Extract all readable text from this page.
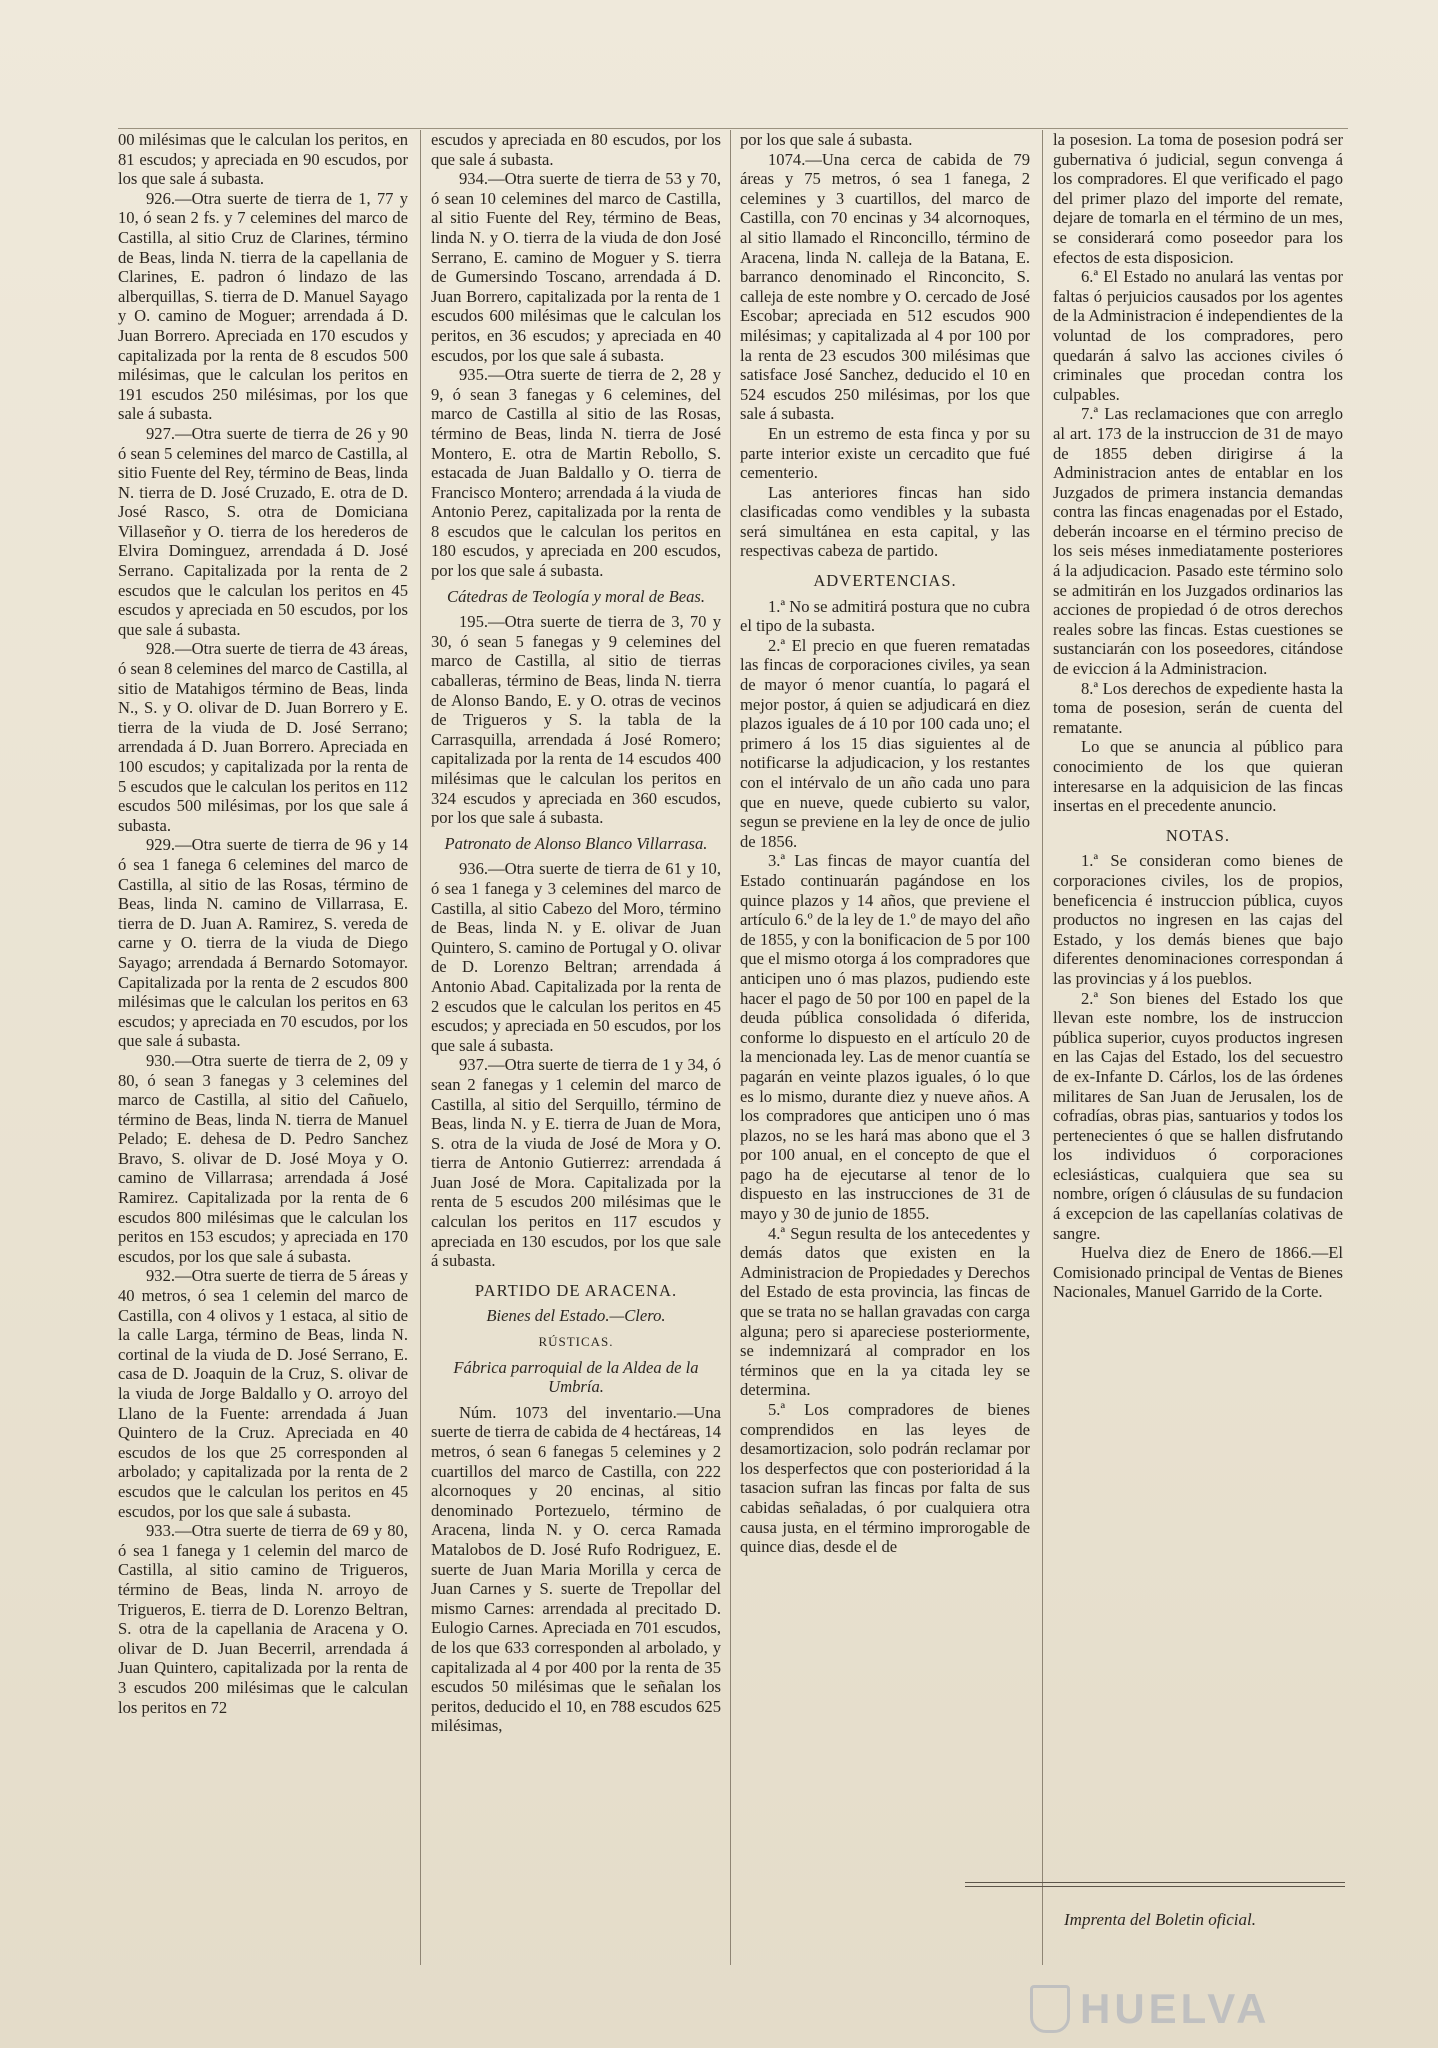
00 milésimas que le calculan los peritos, en 81 escudos; y apreciada en 90 escudos, por los que sale á subasta.

926.—Otra suerte de tierra de 1, 77 y 10, ó sean 2 fs. y 7 celemines del marco de Castilla, al sitio Cruz de Clarines, término de Beas, linda N. tierra de la capellania de Clarines, E. padron ó lindazo de las alberquillas, S. tierra de D. Manuel Sayago y O. camino de Moguer; arrendada á D. Juan Borrero. Apreciada en 170 escudos y capitalizada por la renta de 8 escudos 500 milésimas, que le calculan los peritos en 191 escudos 250 milésimas, por los que sale á subasta.

927.—Otra suerte de tierra de 26 y 90 ó sean 5 celemines del marco de Castilla, al sitio Fuente del Rey, término de Beas, linda N. tierra de D. José Cruzado, E. otra de D. José Rasco, S. otra de Domiciana Villaseñor y O. tierra de los herederos de Elvira Dominguez, arrendada á D. José Serrano. Capitalizada por la renta de 2 escudos que le calculan los peritos en 45 escudos y apreciada en 50 escudos, por los que sale á subasta.

928.—Otra suerte de tierra de 43 áreas, ó sean 8 celemines del marco de Castilla, al sitio de Matahigos término de Beas, linda N., S. y O. olivar de D. Juan Borrero y E. tierra de la viuda de D. José Serrano; arrendada á D. Juan Borrero. Apreciada en 100 escudos; y capitalizada por la renta de 5 escudos que le calculan los peritos en 112 escudos 500 milésimas, por los que sale á subasta.

929.—Otra suerte de tierra de 96 y 14 ó sea 1 fanega 6 celemines del marco de Castilla, al sitio de las Rosas, término de Beas, linda N. camino de Villarrasa, E. tierra de D. Juan A. Ramirez, S. vereda de carne y O. tierra de la viuda de Diego Sayago; arrendada á Bernardo Sotomayor. Capitalizada por la renta de 2 escudos 800 milésimas que le calculan los peritos en 63 escudos; y apreciada en 70 escudos, por los que sale á subasta.

930.—Otra suerte de tierra de 2, 09 y 80, ó sean 3 fanegas y 3 celemines del marco de Castilla, al sitio del Cañuelo, término de Beas, linda N. tierra de Manuel Pelado; E. dehesa de D. Pedro Sanchez Bravo, S. olivar de D. José Moya y O. camino de Villarrasa; arrendada á José Ramirez. Capitalizada por la renta de 6 escudos 800 milésimas que le calculan los peritos en 153 escudos; y apreciada en 170 escudos, por los que sale á subasta.

932.—Otra suerte de tierra de 5 áreas y 40 metros, ó sea 1 celemin del marco de Castilla, con 4 olivos y 1 estaca, al sitio de la calle Larga, término de Beas, linda N. cortinal de la viuda de D. José Serrano, E. casa de D. Joaquin de la Cruz, S. olivar de la viuda de Jorge Baldallo y O. arroyo del Llano de la Fuente: arrendada á Juan Quintero de la Cruz. Apreciada en 40 escudos de los que 25 corresponden al arbolado; y capitalizada por la renta de 2 escudos que le calculan los peritos en 45 escudos, por los que sale á subasta.

933.—Otra suerte de tierra de 69 y 80, ó sea 1 fanega y 1 celemin del marco de Castilla, al sitio camino de Trigueros, término de Beas, linda N. arroyo de Trigueros, E. tierra de D. Lorenzo Beltran, S. otra de la capellania de Aracena y O. olivar de D. Juan Becerril, arrendada á Juan Quintero, capitalizada por la renta de 3 escudos 200 milésimas que le calculan los peritos en 72

escudos y apreciada en 80 escudos, por los que sale á subasta.

934.—Otra suerte de tierra de 53 y 70, ó sean 10 celemines del marco de Castilla, al sitio Fuente del Rey, término de Beas, linda N. y O. tierra de la viuda de don José Serrano, E. camino de Moguer y S. tierra de Gumersindo Toscano, arrendada á D. Juan Borrero, capitalizada por la renta de 1 escudos 600 milésimas que le calculan los peritos, en 36 escudos; y apreciada en 40 escudos, por los que sale á subasta.

935.—Otra suerte de tierra de 2, 28 y 9, ó sean 3 fanegas y 6 celemines, del marco de Castilla al sitio de las Rosas, término de Beas, linda N. tierra de José Montero, E. otra de Martin Rebollo, S. estacada de Juan Baldallo y O. tierra de Francisco Montero; arrendada á la viuda de Antonio Perez, capitalizada por la renta de 8 escudos que le calculan los peritos en 180 escudos, y apreciada en 200 escudos, por los que sale á subasta.

Cátedras de Teología y moral de Beas.

195.—Otra suerte de tierra de 3, 70 y 30, ó sean 5 fanegas y 9 celemines del marco de Castilla, al sitio de tierras caballeras, término de Beas, linda N. tierra de Alonso Bando, E. y O. otras de vecinos de Trigueros y S. la tabla de la Carrasquilla, arrendada á José Romero; capitalizada por la renta de 14 escudos 400 milésimas que le calculan los peritos en 324 escudos y apreciada en 360 escudos, por los que sale á subasta.

Patronato de Alonso Blanco Villarrasa.

936.—Otra suerte de tierra de 61 y 10, ó sea 1 fanega y 3 celemines del marco de Castilla, al sitio Cabezo del Moro, término de Beas, linda N. y E. olivar de Juan Quintero, S. camino de Portugal y O. olivar de D. Lorenzo Beltran; arrendada á Antonio Abad. Capitalizada por la renta de 2 escudos que le calculan los peritos en 45 escudos; y apreciada en 50 escudos, por los que sale á subasta.

937.—Otra suerte de tierra de 1 y 34, ó sean 2 fanegas y 1 celemin del marco de Castilla, al sitio del Serquillo, término de Beas, linda N. y E. tierra de Juan de Mora, S. otra de la viuda de José de Mora y O. tierra de Antonio Gutierrez: arrendada á Juan José de Mora. Capitalizada por la renta de 5 escudos 200 milésimas que le calculan los peritos en 117 escudos y apreciada en 130 escudos, por los que sale á subasta.

PARTIDO DE ARACENA.

Bienes del Estado.—Clero.

RÚSTICAS.

Fábrica parroquial de la Aldea de la Umbría.

Núm. 1073 del inventario.—Una suerte de tierra de cabida de 4 hectáreas, 14 metros, ó sean 6 fanegas 5 celemines y 2 cuartillos del marco de Castilla, con 222 alcornoques y 20 encinas, al sitio denominado Portezuelo, término de Aracena, linda N. y O. cerca Ramada Matalobos de D. José Rufo Rodriguez, E. suerte de Juan Maria Morilla y cerca de Juan Carnes y S. suerte de Trepollar del mismo Carnes: arrendada al precitado D. Eulogio Carnes. Apreciada en 701 escudos, de los que 633 corresponden al arbolado, y capitalizada al 4 por 400 por la renta de 35 escudos 50 milésimas que le señalan los peritos, deducido el 10, en 788 escudos 625 milésimas,

por los que sale á subasta.

1074.—Una cerca de cabida de 79 áreas y 75 metros, ó sea 1 fanega, 2 celemines y 3 cuartillos, del marco de Castilla, con 70 encinas y 34 alcornoques, al sitio llamado el Rinconcillo, término de Aracena, linda N. calleja de la Batana, E. barranco denominado el Rinconcito, S. calleja de este nombre y O. cercado de José Escobar; apreciada en 512 escudos 900 milésimas; y capitalizada al 4 por 100 por la renta de 23 escudos 300 milésimas que satisface José Sanchez, deducido el 10 en 524 escudos 250 milésimas, por los que sale á subasta.

En un estremo de esta finca y por su parte interior existe un cercadito que fué cementerio.

Las anteriores fincas han sido clasificadas como vendibles y la subasta será simultánea en esta capital, y las respectivas cabeza de partido.

ADVERTENCIAS.

1.ª No se admitirá postura que no cubra el tipo de la subasta.

2.ª El precio en que fueren rematadas las fincas de corporaciones civiles, ya sean de mayor ó menor cuantía, lo pagará el mejor postor, á quien se adjudicará en diez plazos iguales de á 10 por 100 cada uno; el primero á los 15 dias siguientes al de notificarse la adjudicacion, y los restantes con el intérvalo de un año cada uno para que en nueve, quede cubierto su valor, segun se previene en la ley de once de julio de 1856.

3.ª Las fincas de mayor cuantía del Estado continuarán pagándose en los quince plazos y 14 años, que previene el artículo 6.º de la ley de 1.º de mayo del año de 1855, y con la bonificacion de 5 por 100 que el mismo otorga á los compradores que anticipen uno ó mas plazos, pudiendo este hacer el pago de 50 por 100 en papel de la deuda pública consolidada ó diferida, conforme lo dispuesto en el artículo 20 de la mencionada ley. Las de menor cuantía se pagarán en veinte plazos iguales, ó lo que es lo mismo, durante diez y nueve años. A los compradores que anticipen uno ó mas plazos, no se les hará mas abono que el 3 por 100 anual, en el concepto de que el pago ha de ejecutarse al tenor de lo dispuesto en las instrucciones de 31 de mayo y 30 de junio de 1855.

4.ª Segun resulta de los antecedentes y demás datos que existen en la Administracion de Propiedades y Derechos del Estado de esta provincia, las fincas de que se trata no se hallan gravadas con carga alguna; pero si apareciese posteriormente, se indemnizará al comprador en los términos que en la ya citada ley se determina.

5.ª Los compradores de bienes comprendidos en las leyes de desamortizacion, solo podrán reclamar por los desperfectos que con posterioridad á la tasacion sufran las fincas por falta de sus cabidas señaladas, ó por cualquiera otra causa justa, en el término improrogable de quince dias, desde el de

la posesion. La toma de posesion podrá ser gubernativa ó judicial, segun convenga á los compradores. El que verificado el pago del primer plazo del importe del remate, dejare de tomarla en el término de un mes, se considerará como poseedor para los efectos de esta disposicion.

6.ª El Estado no anulará las ventas por faltas ó perjuicios causados por los agentes de la Administracion é independientes de la voluntad de los compradores, pero quedarán á salvo las acciones civiles ó criminales que procedan contra los culpables.

7.ª Las reclamaciones que con arreglo al art. 173 de la instruccion de 31 de mayo de 1855 deben dirigirse á la Administracion antes de entablar en los Juzgados de primera instancia demandas contra las fincas enagenadas por el Estado, deberán incoarse en el término preciso de los seis méses inmediatamente posteriores á la adjudicacion. Pasado este término solo se admitirán en los Juzgados ordinarios las acciones de propiedad ó de otros derechos reales sobre las fincas. Estas cuestiones se sustanciarán con los poseedores, citándose de eviccion á la Administracion.

8.ª Los derechos de expediente hasta la toma de posesion, serán de cuenta del rematante.

Lo que se anuncia al público para conocimiento de los que quieran interesarse en la adquisicion de las fincas insertas en el precedente anuncio.

NOTAS.

1.ª Se consideran como bienes de corporaciones civiles, los de propios, beneficencia é instruccion pública, cuyos productos no ingresen en las cajas del Estado, y los demás bienes que bajo diferentes denominaciones correspondan á las provincias y á los pueblos.

2.ª Son bienes del Estado los que llevan este nombre, los de instruccion pública superior, cuyos productos ingresen en las Cajas del Estado, los del secuestro de ex-Infante D. Cárlos, los de las órdenes militares de San Juan de Jerusalen, los de cofradías, obras pias, santuarios y todos los pertenecientes ó que se hallen disfrutando los individuos ó corporaciones eclesiásticas, cualquiera que sea su nombre, orígen ó cláusulas de su fundacion á excepcion de las capellanías colativas de sangre.

Huelva diez de Enero de 1866.—El Comisionado principal de Ventas de Bienes Nacionales, Manuel Garrido de la Corte.

Imprenta del Boletin oficial.
HUELVA
